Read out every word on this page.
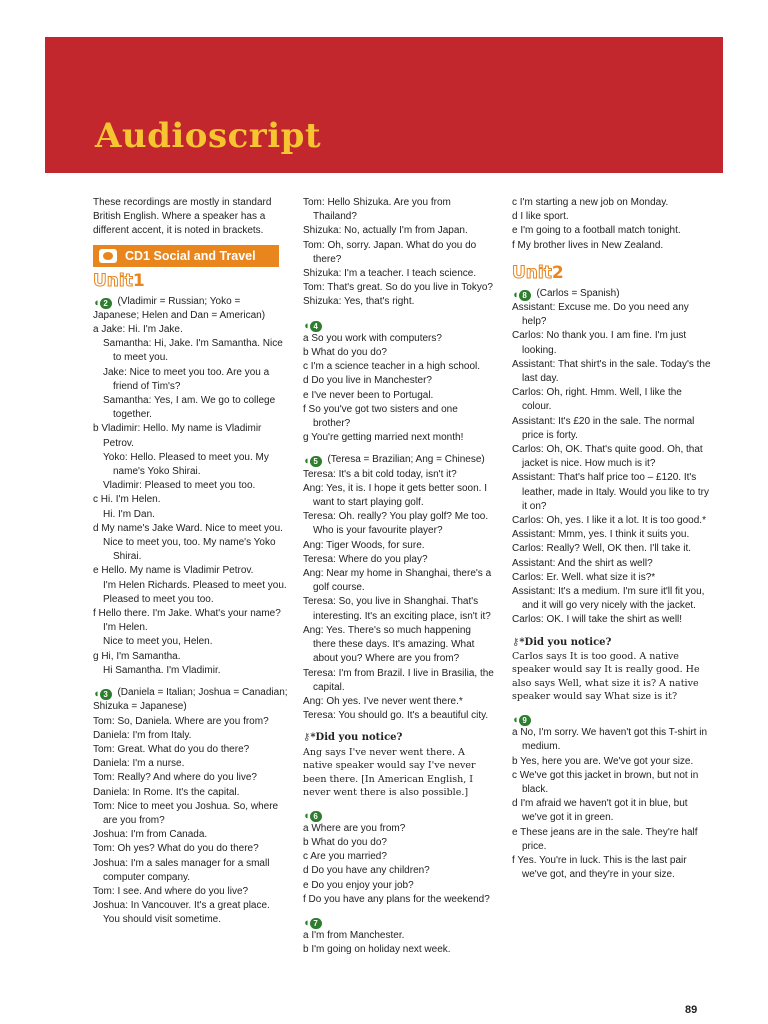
Audioscript

These recordings are mostly in standard British English. Where a speaker has a different accent, it is noted in brackets.

CD1 Social and Travel
Unit1
◖ 2 (Vladimir = Russian; Yoko = Japanese; Helen and Dan = American)
a Jake: Hi. I'm Jake.
Samantha: Hi, Jake. I'm Samantha. Nice to meet you.
Jake: Nice to meet you too. Are you a friend of Tim's?
Samantha: Yes, I am. We go to college together.
b Vladimir: Hello. My name is Vladimir Petrov.
Yoko: Hello. Pleased to meet you. My name's Yoko Shirai.
Vladimir: Pleased to meet you too.
c Hi. I'm Helen.
Hi. I'm Dan.
d My name's Jake Ward. Nice to meet you.
Nice to meet you, too. My name's Yoko Shirai.
e Hello. My name is Vladimir Petrov.
I'm Helen Richards. Pleased to meet you.
Pleased to meet you too.
f Hello there. I'm Jake. What's your name?
I'm Helen.
Nice to meet you, Helen.
g Hi, I'm Samantha.
Hi Samantha. I'm Vladimir.
◖ 3 (Daniela = Italian; Joshua = Canadian; Shizuka = Japanese)
Tom: So, Daniela. Where are you from?
Daniela: I'm from Italy.
Tom: Great. What do you do there?
Daniela: I'm a nurse.
Tom: Really? And where do you live?
Daniela: In Rome. It's the capital.
Tom: Nice to meet you Joshua. So, where are you from?
Joshua: I'm from Canada.
Tom: Oh yes? What do you do there?
Joshua: I'm a sales manager for a small computer company.
Tom: I see. And where do you live?
Joshua: In Vancouver. It's a great place. You should visit sometime.
Tom: Hello Shizuka. Are you from Thailand?
Shizuka: No, actually I'm from Japan.
Tom: Oh, sorry. Japan. What do you do there?
Shizuka: I'm a teacher. I teach science.
Tom: That's great. So do you live in Tokyo?
Shizuka: Yes, that's right.
◖ 4
a So you work with computers?
b What do you do?
c I'm a science teacher in a high school.
d Do you live in Manchester?
e I've never been to Portugal.
f So you've got two sisters and one brother?
g You're getting married next month!
◖ 5 (Teresa = Brazilian; Ang = Chinese)
Teresa: It's a bit cold today, isn't it?
Ang: Yes, it is. I hope it gets better soon. I want to start playing golf.
Teresa: Oh. really? You play golf? Me too. Who is your favourite player?
Ang: Tiger Woods, for sure.
Teresa: Where do you play?
Ang: Near my home in Shanghai, there's a golf course.
Teresa: So, you live in Shanghai. That's interesting. It's an exciting place, isn't it?
Ang: Yes. There's so much happening there these days. It's amazing. What about you? Where are you from?
Teresa: I'm from Brazil. I live in Brasilia, the capital.
Ang: Oh yes. I've never went there.*
Teresa: You should go. It's a beautiful city.
⚷*Did you notice?

Ang says I've never went there. A native speaker would say I've never been there. [In American English, I never went there is also possible.]

◖ 6
a Where are you from?
b What do you do?
c Are you married?
d Do you have any children?
e Do you enjoy your job?
f Do you have any plans for the weekend?
◖ 7
a I'm from Manchester.
b I'm going on holiday next week.
c I'm starting a new job on Monday.
d I like sport.
e I'm going to a football match tonight.
f My brother lives in New Zealand.
Unit2
◖ 8 (Carlos = Spanish)
Assistant: Excuse me. Do you need any help?
Carlos: No thank you. I am fine. I'm just looking.
Assistant: That shirt's in the sale. Today's the last day.
Carlos: Oh, right. Hmm. Well, I like the colour.
Assistant: It's £20 in the sale. The normal price is forty.
Carlos: Oh, OK. That's quite good. Oh, that jacket is nice. How much is it?
Assistant: That's half price too – £120. It's leather, made in Italy. Would you like to try it on?
Carlos: Oh, yes. I like it a lot. It is too good.*
Assistant: Mmm, yes. I think it suits you.
Carlos: Really? Well, OK then. I'll take it.
Assistant: And the shirt as well?
Carlos: Er. Well. what size it is?*
Assistant: It's a medium. I'm sure it'll fit you, and it will go very nicely with the jacket.
Carlos: OK. I will take the shirt as well!
⚷*Did you notice?

Carlos says It is too good. A native speaker would say It is really good. He also says Well, what size it is? A native speaker would say What size is it?

◖ 9
a No, I'm sorry. We haven't got this T-shirt in medium.
b Yes, here you are. We've got your size.
c We've got this jacket in brown, but not in black.
d I'm afraid we haven't got it in blue, but we've got it in green.
e These jeans are in the sale. They're half price.
f Yes. You're in luck. This is the last pair we've got, and they're in your size.
89
